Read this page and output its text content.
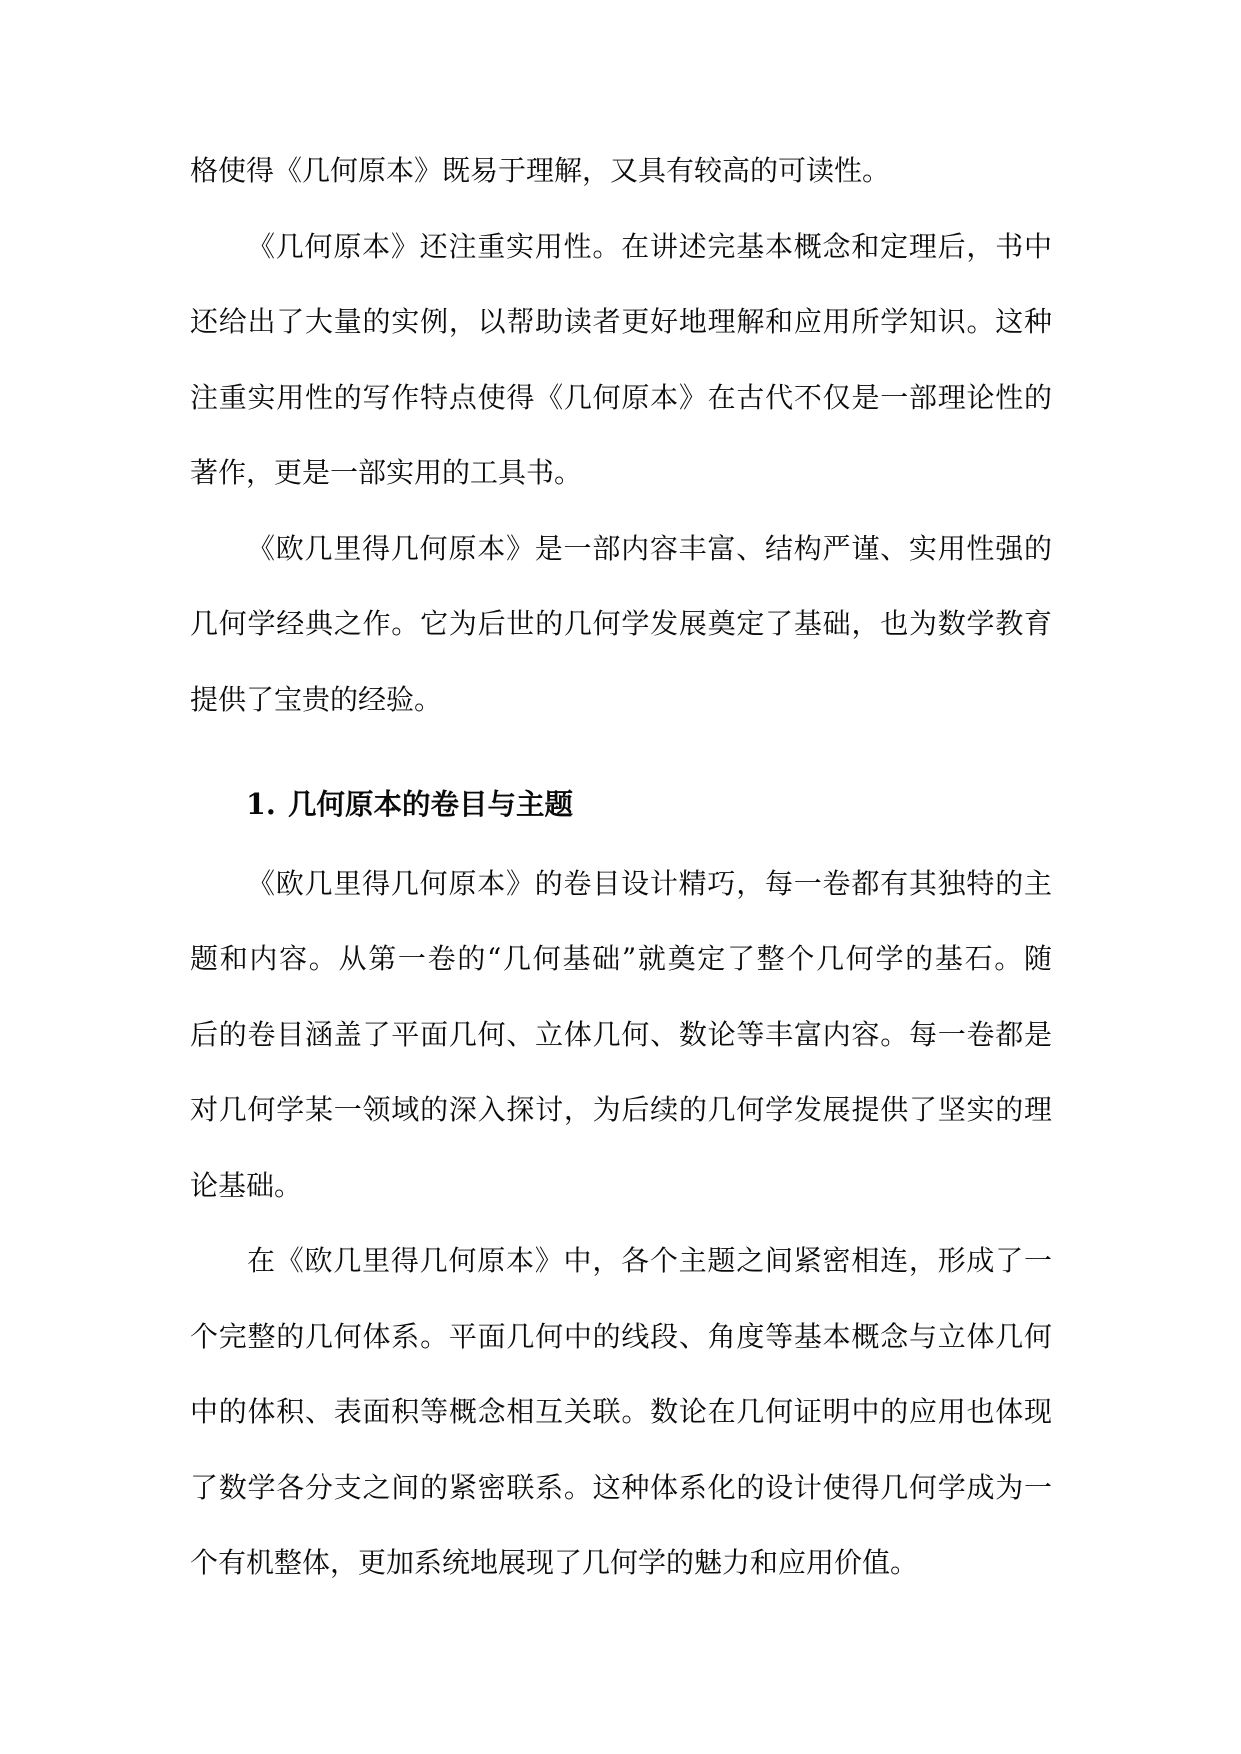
格使得《几何原本》既易于理解，又具有较高的可读性。
《几何原本》还注重实用性。在讲述完基本概念和定理后，书中
还给出了大量的实例，以帮助读者更好地理解和应用所学知识。这种
注重实用性的写作特点使得《几何原本》在古代不仅是一部理论性的
著作，更是一部实用的工具书。
《欧几里得几何原本》是一部内容丰富、结构严谨、实用性强的
几何学经典之作。它为后世的几何学发展奠定了基础，也为数学教育
提供了宝贵的经验。
1. 几何原本的卷目与主题
《欧几里得几何原本》的卷目设计精巧，每一卷都有其独特的主
题和内容。从第一卷的“几何基础”就奠定了整个几何学的基石。随
后的卷目涵盖了平面几何、立体几何、数论等丰富内容。每一卷都是
对几何学某一领域的深入探讨，为后续的几何学发展提供了坚实的理
论基础。
在《欧几里得几何原本》中，各个主题之间紧密相连，形成了一
个完整的几何体系。平面几何中的线段、角度等基本概念与立体几何
中的体积、表面积等概念相互关联。数论在几何证明中的应用也体现
了数学各分支之间的紧密联系。这种体系化的设计使得几何学成为一
个有机整体，更加系统地展现了几何学的魅力和应用价值。
